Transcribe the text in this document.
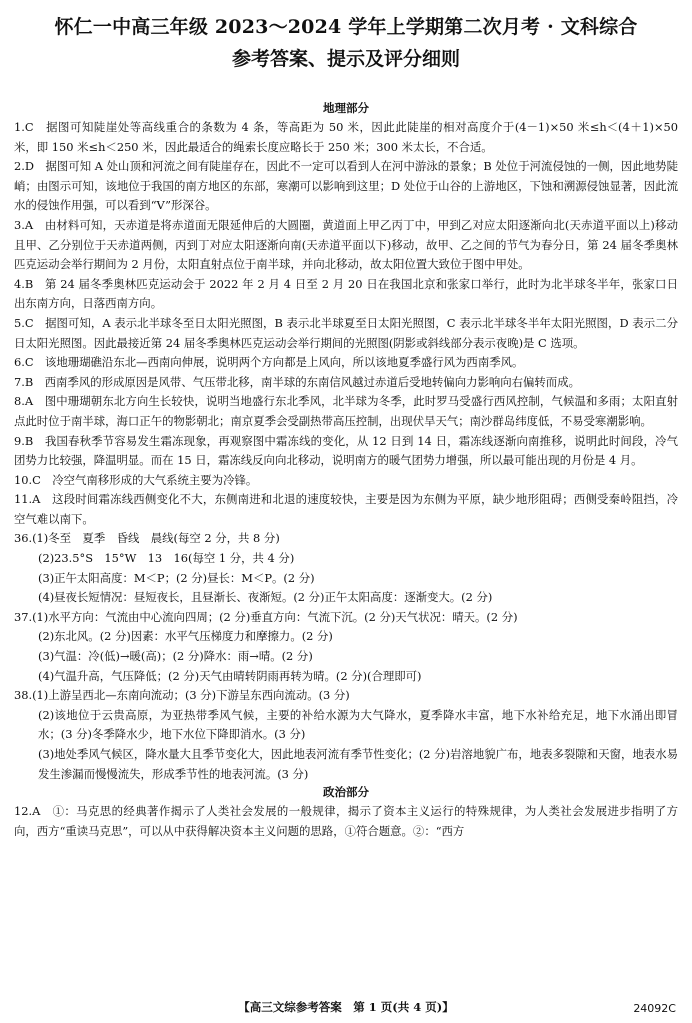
怀仁一中高三年级 2023～2024 学年上学期第二次月考 · 文科综合
参考答案、提示及评分细则
地理部分

1.C　据图可知陡崖处等高线重合的条数为 4 条，等高距为 50 米，因此此陡崖的相对高度介于(4－1)×50 米≤h＜(4＋1)×50 米，即 150 米≤h＜250 米，因此最适合的绳索长度应略长于 250 米；300 米太长，不合适。

2.D　据图可知 A 处山顶和河流之间有陡崖存在，因此不一定可以看到人在河中游泳的景象；B 处位于河流侵蚀的一侧，因此地势陡峭；由图示可知，该地位于我国的南方地区的东部，寒潮可以影响到这里；D 处位于山谷的上游地区，下蚀和溯源侵蚀显著，因此流水的侵蚀作用强，可以看到“V”形深谷。

3.A　由材料可知，天赤道是将赤道面无限延伸后的大圆圈，黄道面上甲乙丙丁中，甲到乙对应太阳逐渐向北(天赤道平面以上)移动且甲、乙分别位于天赤道两侧，丙到丁对应太阳逐渐向南(天赤道平面以下)移动，故甲、乙之间的节气为春分日，第 24 届冬季奥林匹克运动会举行期间为 2 月份，太阳直射点位于南半球，并向北移动，故太阳位置大致位于图中甲处。

4.B　第 24 届冬季奥林匹克运动会于 2022 年 2 月 4 日至 2 月 20 日在我国北京和张家口举行，此时为北半球冬半年，张家口日出东南方向，日落西南方向。

5.C　据图可知，A 表示北半球冬至日太阳光照图，B 表示北半球夏至日太阳光照图，C 表示北半球冬半年太阳光照图，D 表示二分日太阳光照图。因此最接近第 24 届冬季奥林匹克运动会举行期间的光照图(阴影或斜线部分表示夜晚)是 C 选项。

6.C　该地珊瑚礁沿东北—西南向伸展，说明两个方向都是上风向，所以该地夏季盛行风为西南季风。

7.B　西南季风的形成原因是风带、气压带北移，南半球的东南信风越过赤道后受地转偏向力影响向右偏转而成。

8.A　图中珊瑚朝东北方向生长较快，说明当地盛行东北季风，北半球为冬季，此时罗马受盛行西风控制，气候温和多雨；太阳直射点此时位于南半球，海口正午的物影朝北；南京夏季会受副热带高压控制，出现伏旱天气；南沙群岛纬度低，不易受寒潮影响。

9.B　我国春秋季节容易发生霜冻现象，再观察图中霜冻线的变化，从 12 日到 14 日，霜冻线逐渐向南推移，说明此时间段，冷气团势力比较强，降温明显。而在 15 日，霜冻线反向向北移动，说明南方的暖气团势力增强，所以最可能出现的月份是 4 月。

10.C　冷空气南移形成的大气系统主要为冷锋。

11.A　这段时间霜冻线西侧变化不大，东侧南进和北退的速度较快，主要是因为东侧为平原，缺少地形阻碍；西侧受秦岭阻挡，冷空气难以南下。

36.(1)冬至　夏季　昏线　晨线(每空 2 分，共 8 分)

(2)23.5°S　15°W　13　16(每空 1 分，共 4 分)

(3)正午太阳高度：M＜P；(2 分)昼长：M＜P。(2 分)

(4)昼夜长短情况：昼短夜长，且昼渐长、夜渐短。(2 分)正午太阳高度：逐渐变大。(2 分)

37.(1)水平方向：气流由中心流向四周；(2 分)垂直方向：气流下沉。(2 分)天气状况：晴天。(2 分)

(2)东北风。(2 分)因素：水平气压梯度力和摩擦力。(2 分)

(3)气温：冷(低)→暖(高)；(2 分)降水：雨→晴。(2 分)

(4)气温升高，气压降低；(2 分)天气由晴转阴雨再转为晴。(2 分)(合理即可)

38.(1)上游呈西北—东南向流动；(3 分)下游呈东西向流动。(3 分)

(2)该地位于云贵高原，为亚热带季风气候，主要的补给水源为大气降水，夏季降水丰富，地下水补给充足，地下水涌出即冒水；(3 分)冬季降水少，地下水位下降即消水。(3 分)

(3)地处季风气候区，降水量大且季节变化大，因此地表河流有季节性变化；(2 分)岩溶地貌广布，地表多裂隙和天窗，地表水易发生渗漏而慢慢流失，形成季节性的地表河流。(3 分)

政治部分

12.A　①：马克思的经典著作揭示了人类社会发展的一般规律，揭示了资本主义运行的特殊规律，为人类社会发展进步指明了方向，西方“重读马克思”，可以从中获得解决资本主义问题的思路，①符合题意。②：“西方

【高三文综参考答案　第 1 页(共 4 页)】	24092C
